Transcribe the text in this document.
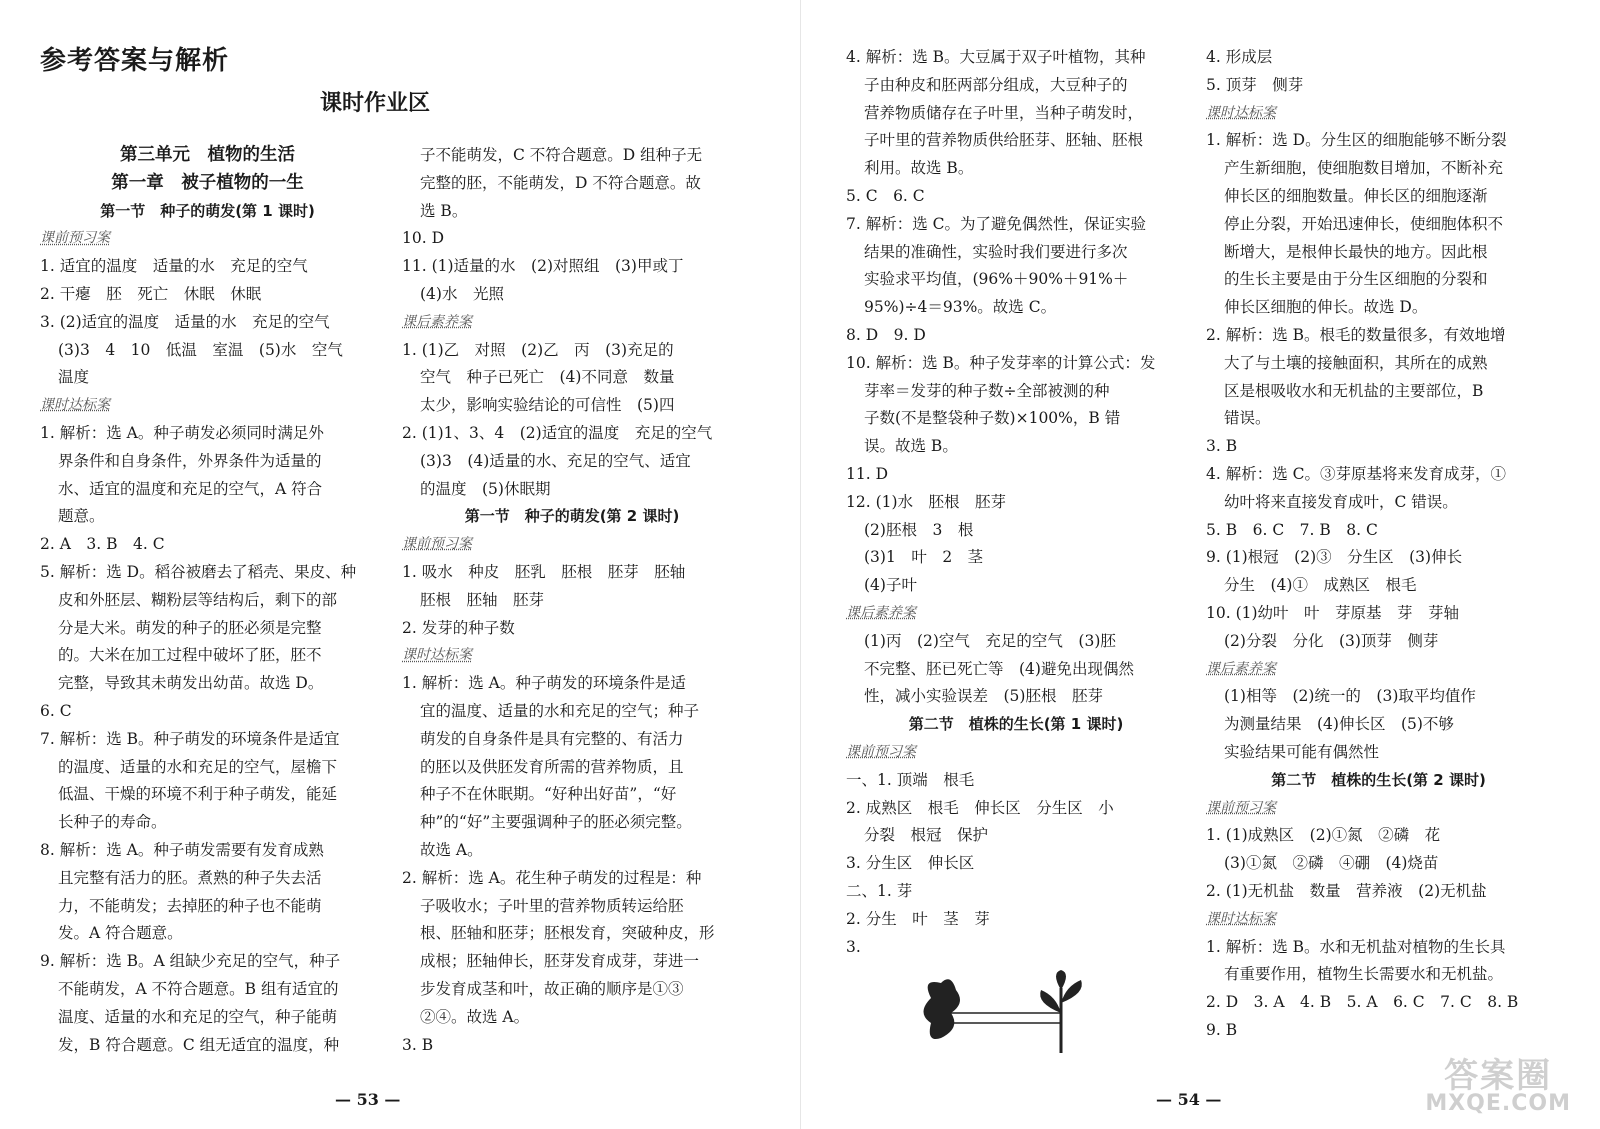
参考答案与解析
课时作业区

第三单元　植物的生活

第一章　被子植物的一生

第一节　种子的萌发(第 1 课时)

课前预习案

1. 适宜的温度　适量的水　充足的空气

2. 干瘪　胚　死亡　休眠　休眠

3. (2)适宜的温度　适量的水　充足的空气

(3)3　4　10　低温　室温　(5)水　空气

温度

课时达标案

1. 解析：选 A。种子萌发必须同时满足外

界条件和自身条件，外界条件为适量的

水、适宜的温度和充足的空气，A 符合

题意。

2. A　3. B　4. C

5. 解析：选 D。稻谷被磨去了稻壳、果皮、种

皮和外胚层、糊粉层等结构后，剩下的部

分是大米。萌发的种子的胚必须是完整

的。大米在加工过程中破坏了胚，胚不

完整，导致其未萌发出幼苗。故选 D。

6. C

7. 解析：选 B。种子萌发的环境条件是适宜

的温度、适量的水和充足的空气，屋檐下

低温、干燥的环境不利于种子萌发，能延

长种子的寿命。

8. 解析：选 A。种子萌发需要有发育成熟

且完整有活力的胚。煮熟的种子失去活

力，不能萌发；去掉胚的种子也不能萌

发。A 符合题意。

9. 解析：选 B。A 组缺少充足的空气，种子

不能萌发，A 不符合题意。B 组有适宜的

温度、适量的水和充足的空气，种子能萌

发，B 符合题意。C 组无适宜的温度，种

子不能萌发，C 不符合题意。D 组种子无

完整的胚，不能萌发，D 不符合题意。故

选 B。

10. D

11. (1)适量的水　(2)对照组　(3)甲或丁

(4)水　光照

课后素养案

1. (1)乙　对照　(2)乙　丙　(3)充足的

空气　种子已死亡　(4)不同意　数量

太少，影响实验结论的可信性　(5)四

2. (1)1、3、4　(2)适宜的温度　充足的空气

(3)3　(4)适量的水、充足的空气、适宜

的温度　(5)休眠期

第一节　种子的萌发(第 2 课时)

课前预习案

1. 吸水　种皮　胚乳　胚根　胚芽　胚轴

胚根　胚轴　胚芽

2. 发芽的种子数

课时达标案

1. 解析：选 A。种子萌发的环境条件是适

宜的温度、适量的水和充足的空气；种子

萌发的自身条件是具有完整的、有活力

的胚以及供胚发育所需的营养物质，且

种子不在休眠期。“好种出好苗”，“好

种”的“好”主要强调种子的胚必须完整。

故选 A。

2. 解析：选 A。花生种子萌发的过程是：种

子吸收水；子叶里的营养物质转运给胚

根、胚轴和胚芽；胚根发育，突破种皮，形

成根；胚轴伸长，胚芽发育成芽，芽进一

步发育成茎和叶，故正确的顺序是①③

②④。故选 A。

3. B

— 53 —

4. 解析：选 B。大豆属于双子叶植物，其种

子由种皮和胚两部分组成，大豆种子的

营养物质储存在子叶里，当种子萌发时，

子叶里的营养物质供给胚芽、胚轴、胚根

利用。故选 B。

5. C　6. C

7. 解析：选 C。为了避免偶然性，保证实验

结果的准确性，实验时我们要进行多次

实验求平均值，(96%＋90%＋91%＋

95%)÷4＝93%。故选 C。

8. D　9. D

10. 解析：选 B。种子发芽率的计算公式：发

芽率＝发芽的种子数÷全部被测的种

子数(不是整袋种子数)×100%，B 错

误。故选 B。

11. D

12. (1)水　胚根　胚芽

(2)胚根　3　根

(3)1　叶　2　茎

(4)子叶

课后素养案

(1)丙　(2)空气　充足的空气　(3)胚

不完整、胚已死亡等　(4)避免出现偶然

性，减小实验误差　(5)胚根　胚芽

第二节　植株的生长(第 1 课时)

课前预习案

一、1. 顶端　根毛

2. 成熟区　根毛　伸长区　分生区　小

分裂　根冠　保护

3. 分生区　伸长区

二、1. 芽

2. 分生　叶　茎　芽

3.

4. 形成层

5. 顶芽　侧芽

课时达标案

1. 解析：选 D。分生区的细胞能够不断分裂

产生新细胞，使细胞数目增加，不断补充

伸长区的细胞数量。伸长区的细胞逐渐

停止分裂，开始迅速伸长，使细胞体积不

断增大，是根伸长最快的地方。因此根

的生长主要是由于分生区细胞的分裂和

伸长区细胞的伸长。故选 D。

2. 解析：选 B。根毛的数量很多，有效地增

大了与土壤的接触面积，其所在的成熟

区是根吸收水和无机盐的主要部位，B

错误。

3. B

4. 解析：选 C。③芽原基将来发育成芽，①

幼叶将来直接发育成叶，C 错误。

5. B　6. C　7. B　8. C

9. (1)根冠　(2)③　分生区　(3)伸长

分生　(4)①　成熟区　根毛

10. (1)幼叶　叶　芽原基　芽　芽轴

(2)分裂　分化　(3)顶芽　侧芽

课后素养案

(1)相等　(2)统一的　(3)取平均值作

为测量结果　(4)伸长区　(5)不够

实验结果可能有偶然性

第二节　植株的生长(第 2 课时)

课前预习案

1. (1)成熟区　(2)①氮　②磷　花

(3)①氮　②磷　④硼　(4)烧苗

2. (1)无机盐　数量　营养液　(2)无机盐

课时达标案

1. 解析：选 B。水和无机盐对植物的生长具

有重要作用，植物生长需要水和无机盐。

2. D　3. A　4. B　5. A　6. C　7. C　8. B

9. B

— 54 —
答案圈
MXQE.COM
